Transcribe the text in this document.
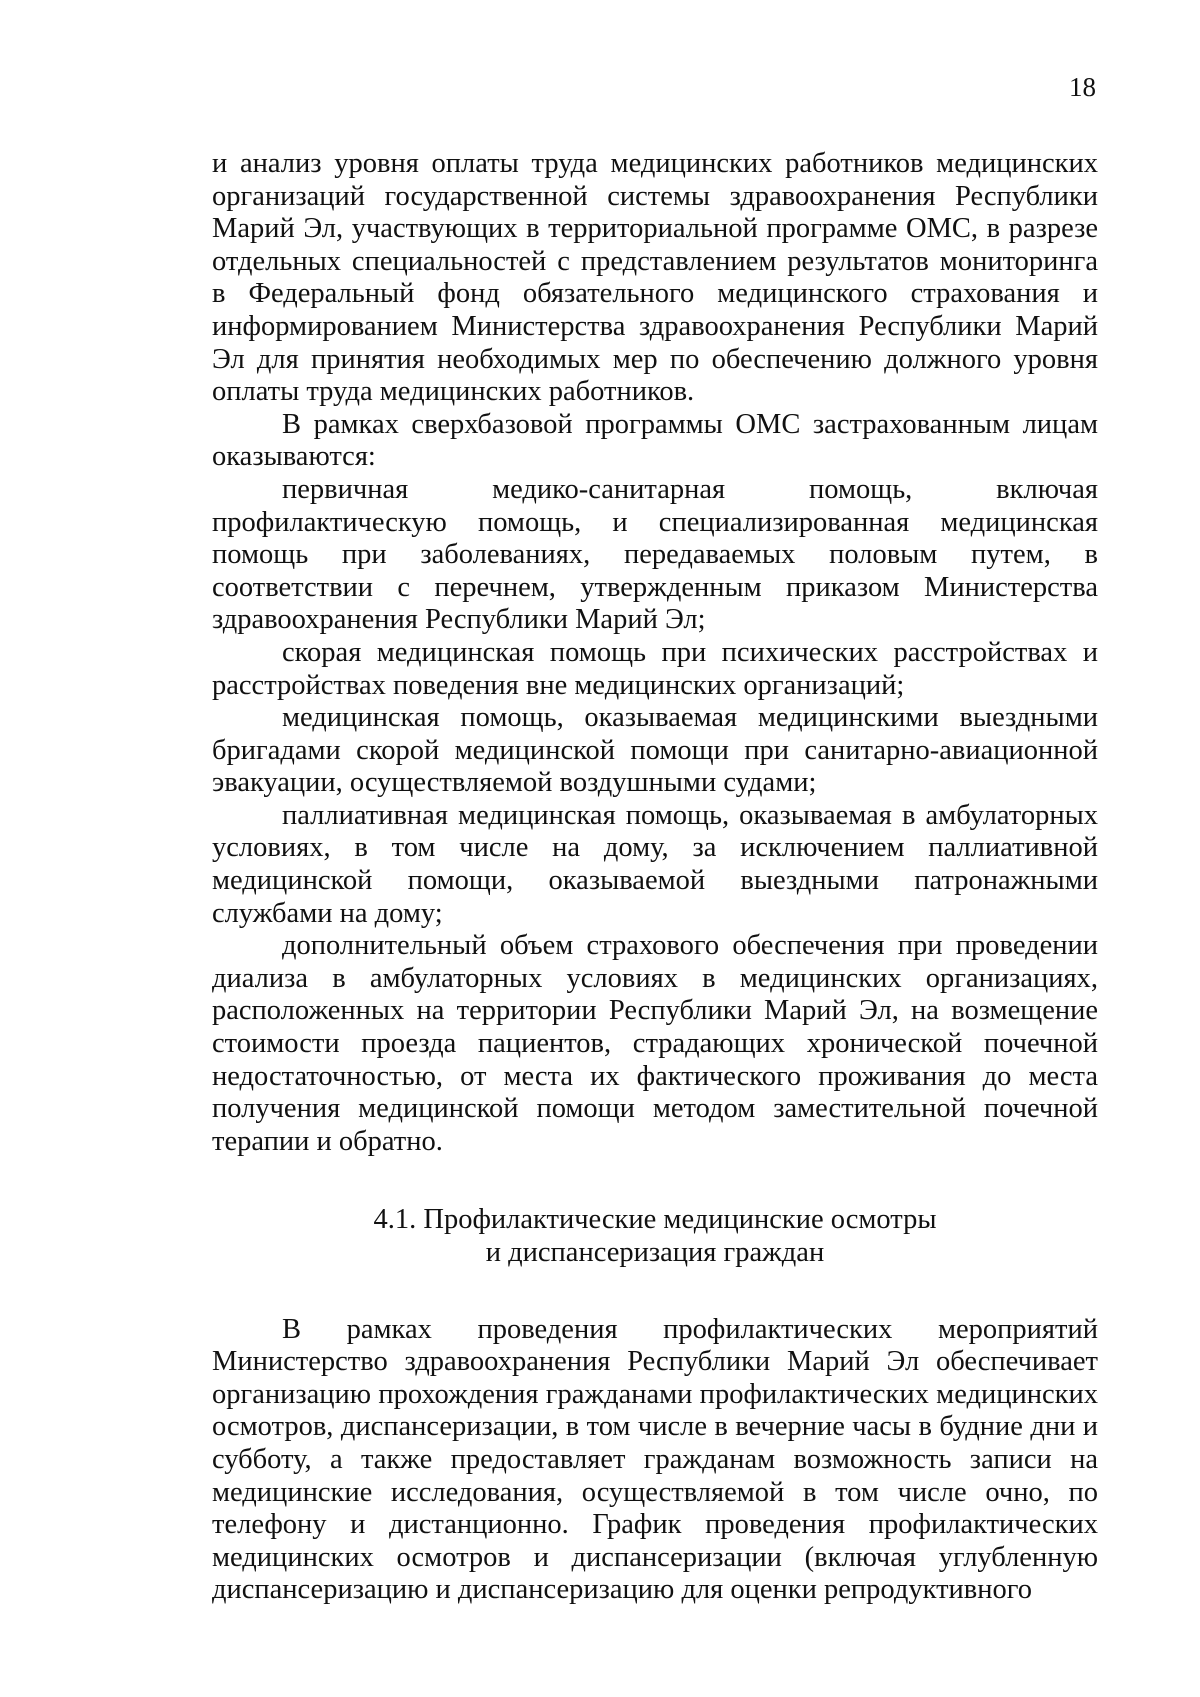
18

и анализ уровня оплаты труда медицинских работников медицинских организаций государственной системы здравоохранения Республики Марий Эл, участвующих в территориальной программе ОМС, в разрезе отдельных специальностей с представлением результатов мониторинга в Федеральный фонд обязательного медицинского страхования и информированием Министерства здравоохранения Республики Марий Эл для принятия необходимых мер по обеспечению должного уровня оплаты труда медицинских работников.

В рамках сверхбазовой программы ОМС застрахованным лицам оказываются:

первичная медико-санитарная помощь, включая профилактическую помощь, и специализированная медицинская помощь при заболеваниях, передаваемых половым путем, в соответствии с перечнем, утвержденным приказом Министерства здравоохранения Республики Марий Эл;

скорая медицинская помощь при психических расстройствах и расстройствах поведения вне медицинских организаций;

медицинская помощь, оказываемая медицинскими выездными бригадами скорой медицинской помощи при санитарно-авиационной эвакуации, осуществляемой воздушными судами;

паллиативная медицинская помощь, оказываемая в амбулаторных условиях, в том числе на дому, за исключением паллиативной медицинской помощи, оказываемой выездными патронажными службами на дому;

дополнительный объем страхового обеспечения при проведении диализа в амбулаторных условиях в медицинских организациях, расположенных на территории Республики Марий Эл, на возмещение стоимости проезда пациентов, страдающих хронической почечной недостаточностью, от места их фактического проживания до места получения медицинской помощи методом заместительной почечной терапии и обратно.

4.1. Профилактические медицинские осмотры
и диспансеризация граждан

В рамках проведения профилактических мероприятий Министерство здравоохранения Республики Марий Эл обеспечивает организацию прохождения гражданами профилактических медицинских осмотров, диспансеризации, в том числе в вечерние часы в будние дни и субботу, а также предоставляет гражданам возможность записи на медицинские исследования, осуществляемой в том числе очно, по телефону и дистанционно. График проведения профилактических медицинских осмотров и диспансеризации (включая углубленную диспансеризацию и диспансеризацию для оценки репродуктивного
